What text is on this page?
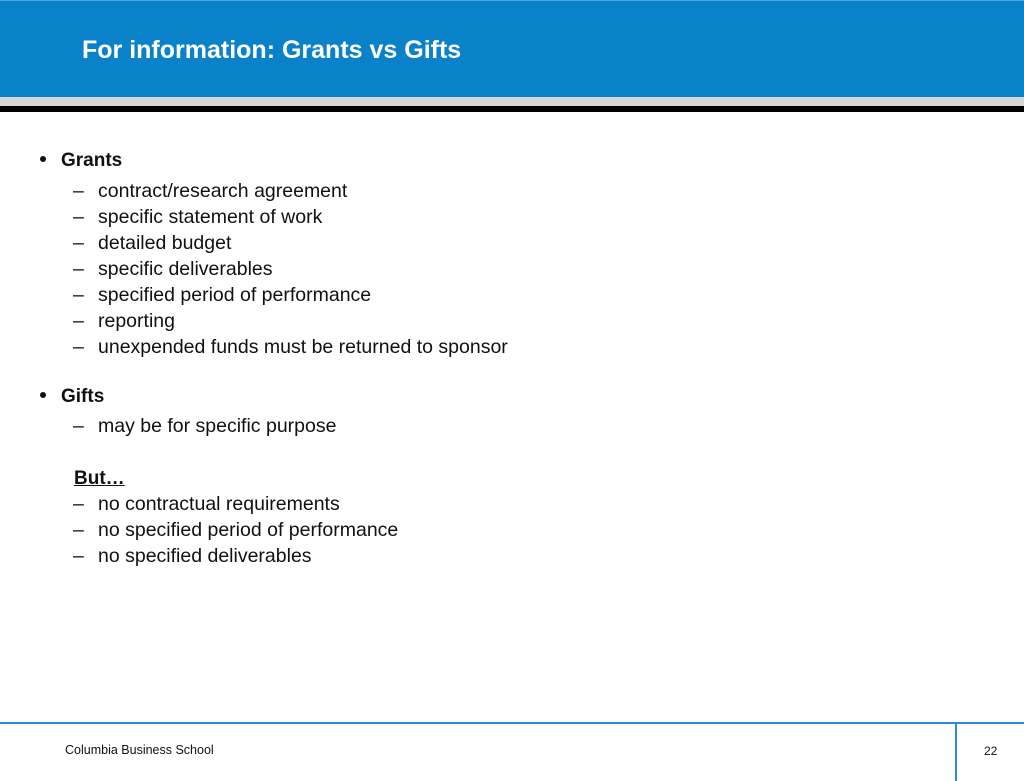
For information: Grants vs Gifts
Grants
– contract/research agreement
– specific statement of work
– detailed budget
– specific deliverables
– specified period of performance
– reporting
– unexpended funds must be returned to sponsor
Gifts
– may be for specific purpose
But…
– no contractual requirements
– no specified period of performance
– no specified deliverables
Columbia Business School	22
